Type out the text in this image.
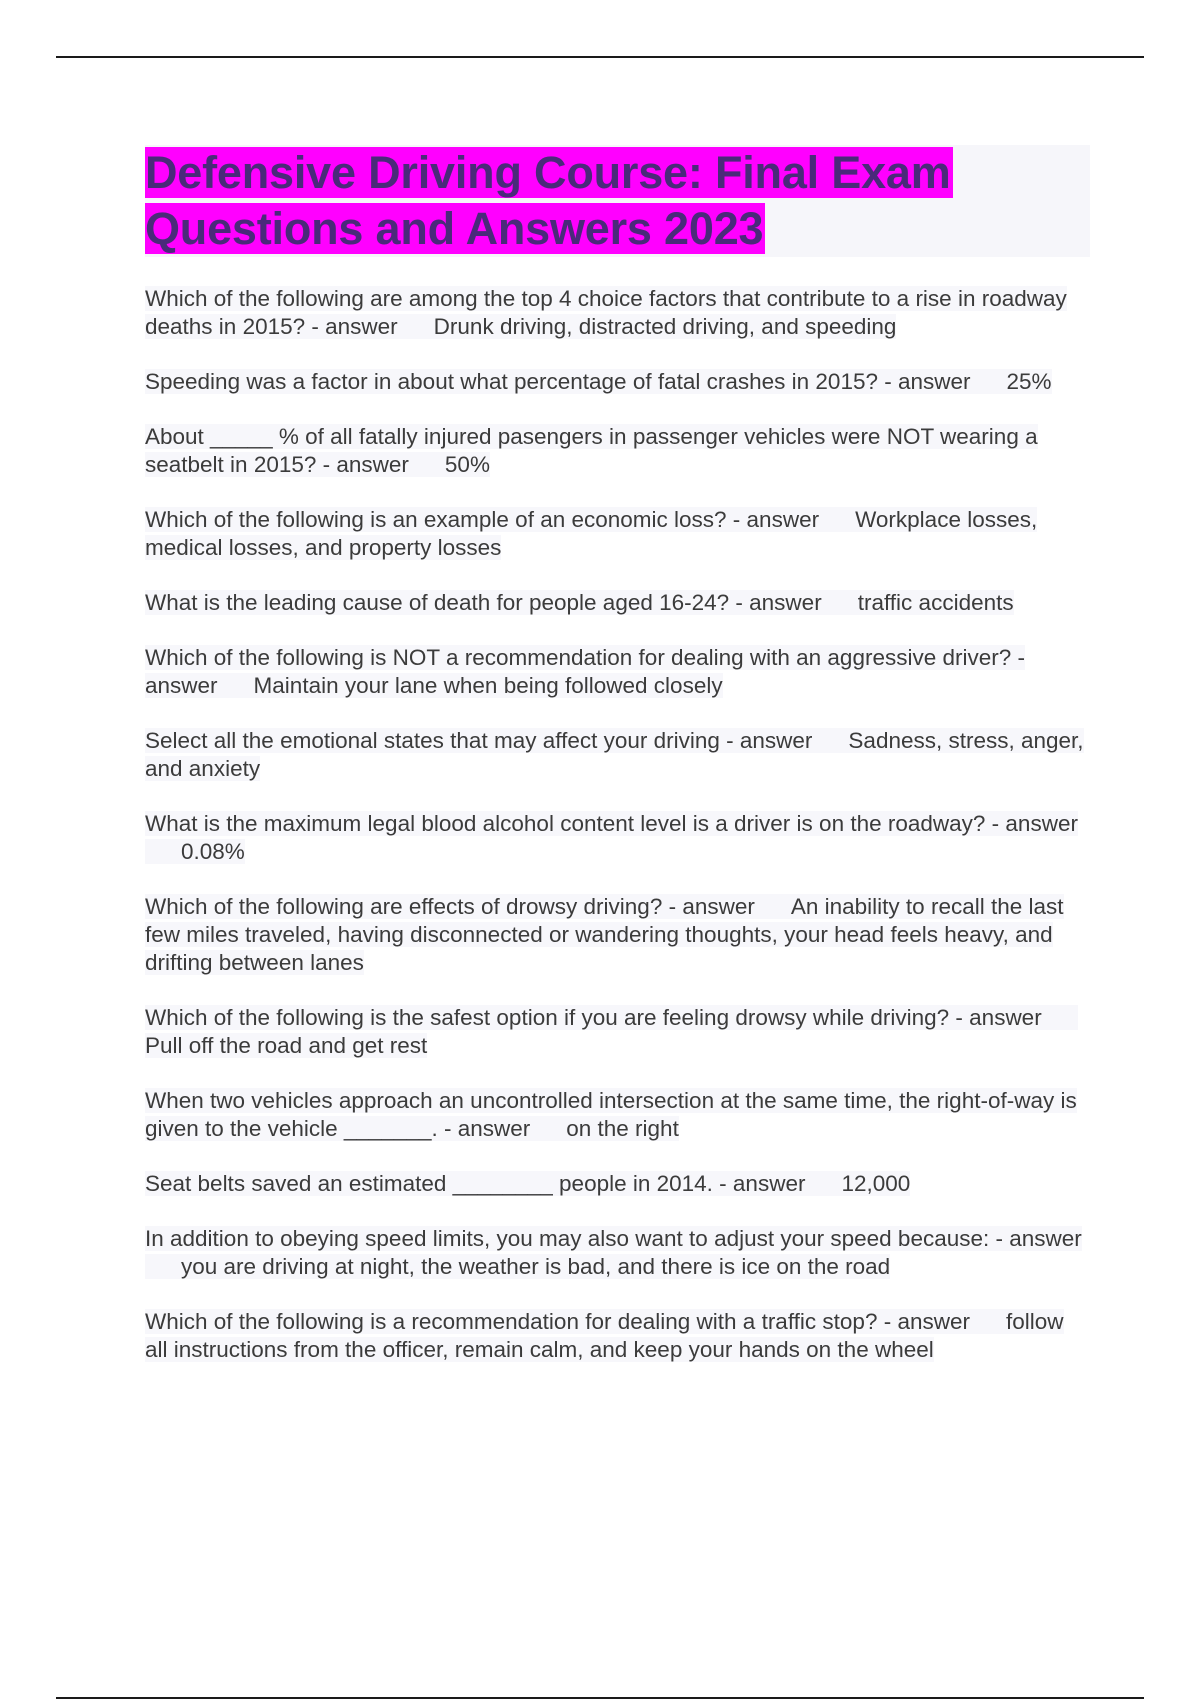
Defensive Driving Course: Final Exam Questions and Answers 2023
Which of the following are among the top 4 choice factors that contribute to a rise in roadway deaths in 2015? - answer Drunk driving, distracted driving, and speeding
Speeding was a factor in about what percentage of fatal crashes in 2015? - answer 25%
About _____ % of all fatally injured pasengers in passenger vehicles were NOT wearing a seatbelt in 2015? - answer 50%
Which of the following is an example of an economic loss? - answer Workplace losses, medical losses, and property losses
What is the leading cause of death for people aged 16-24? - answer traffic accidents
Which of the following is NOT a recommendation for dealing with an aggressive driver? - answer Maintain your lane when being followed closely
Select all the emotional states that may affect your driving - answer Sadness, stress, anger, and anxiety
What is the maximum legal blood alcohol content level is a driver is on the roadway? - answer0.08%
Which of the following are effects of drowsy driving? - answer An inability to recall the last few miles traveled, having disconnected or wandering thoughts, your head feels heavy, and drifting between lanes
Which of the following is the safest option if you are feeling drowsy while driving? - answerPull off the road and get rest
When two vehicles approach an uncontrolled intersection at the same time, the right-of-way is given to the vehicle _______. - answer on the right
Seat belts saved an estimated ________ people in 2014. - answer 12,000
In addition to obeying speed limits, you may also want to adjust your speed because: - answeryou are driving at night, the weather is bad, and there is ice on the road
Which of the following is a recommendation for dealing with a traffic stop? - answer follow all instructions from the officer, remain calm, and keep your hands on the wheel
